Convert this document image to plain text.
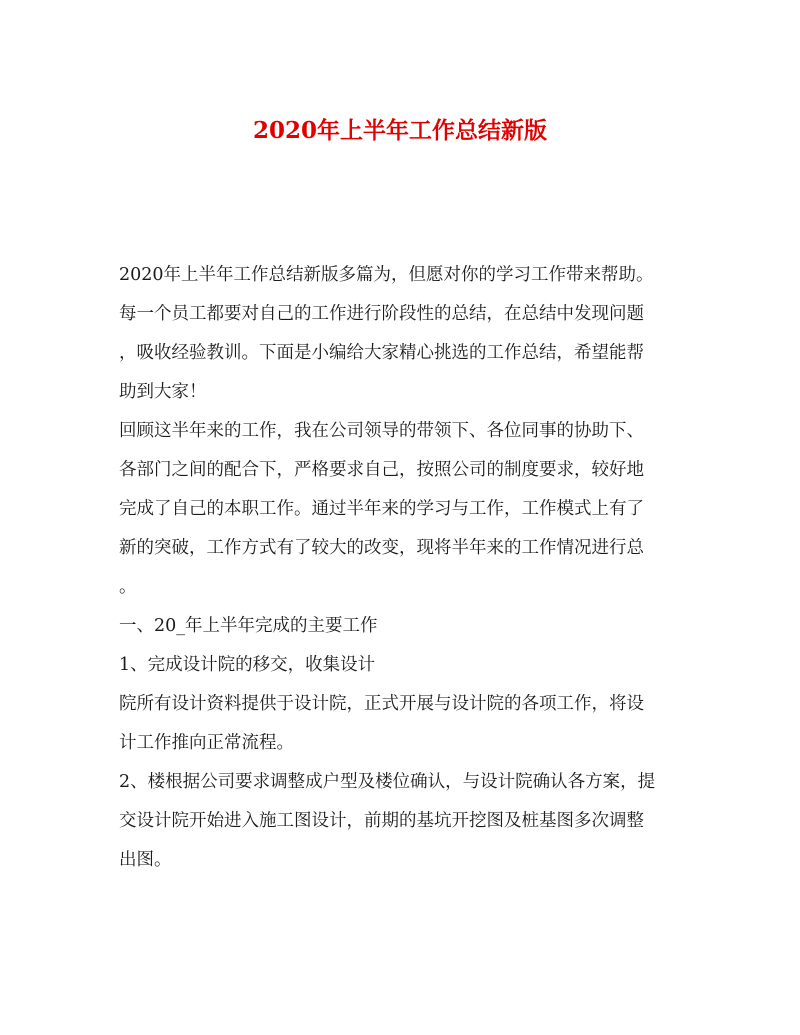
2020年上半年工作总结新版
2020年上半年工作总结新版多篇为，但愿对你的学习工作带来帮助。
每一个员工都要对自己的工作进行阶段性的总结，在总结中发现问题
，吸收经验教训。下面是小编给大家精心挑选的工作总结，希望能帮
助到大家！
回顾这半年来的工作，我在公司领导的带领下、各位同事的协助下、
各部门之间的配合下，严格要求自己，按照公司的制度要求，较好地
完成了自己的本职工作。通过半年来的学习与工作，工作模式上有了
新的突破，工作方式有了较大的改变，现将半年来的工作情况进行总
。
一、20_年上半年完成的主要工作
1、完成设计院的移交，收集设计
院所有设计资料提供于设计院，正式开展与设计院的各项工作，将设
计工作推向正常流程。
2、楼根据公司要求调整成户型及楼位确认，与设计院确认各方案，提
交设计院开始进入施工图设计，前期的基坑开挖图及桩基图多次调整
出图。
